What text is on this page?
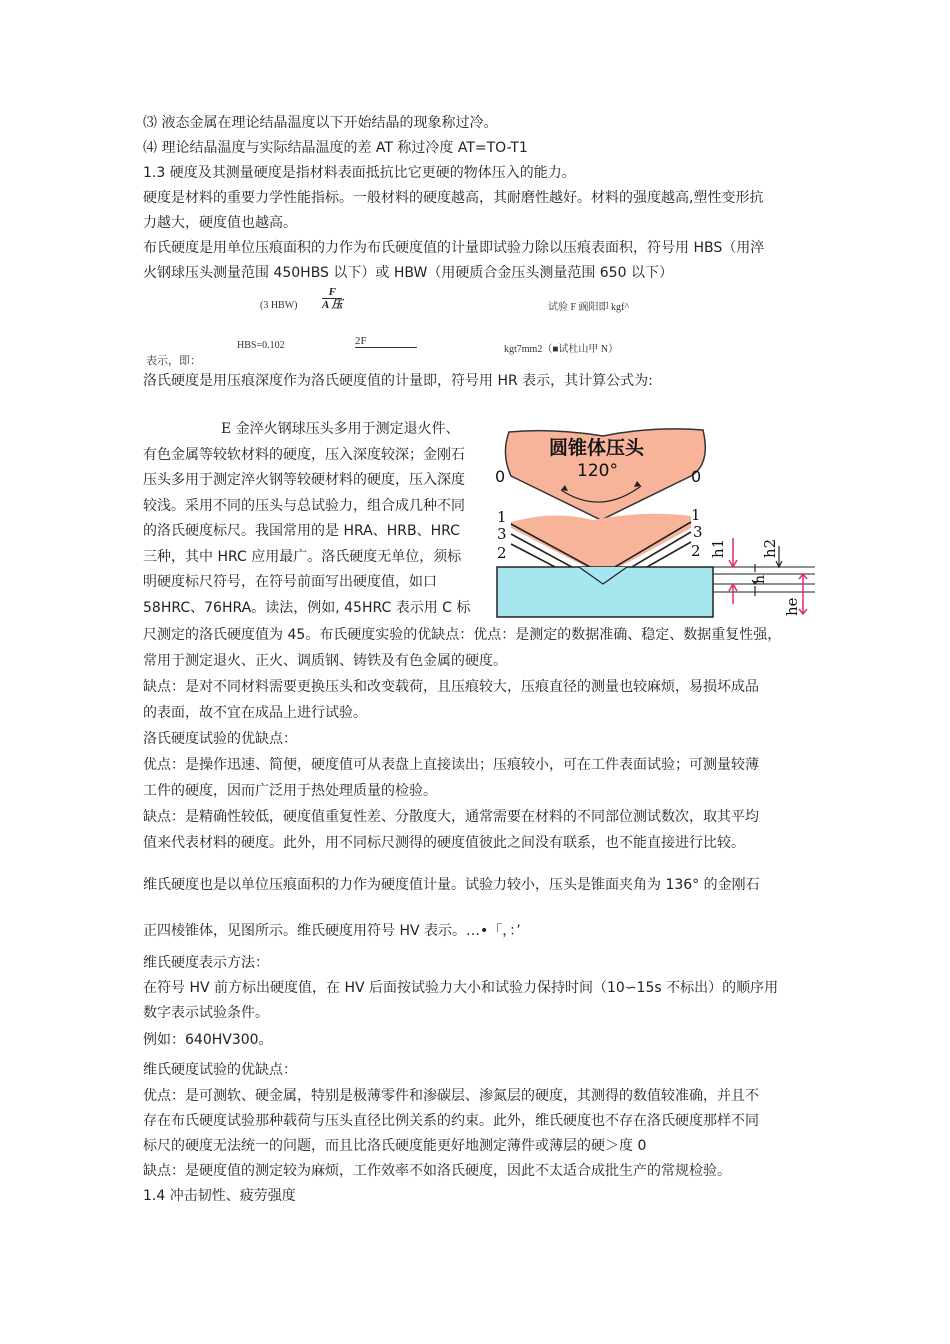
⑶ 液态金属在理论结晶温度以下开始结晶的现象称过冷。
⑷ 理论结晶温度与实际结晶温度的差 AT 称过冷度 AT=TO-T1
1.3 硬度及其测量硬度是指材料表面抵抗比它更硬的物体压入的能力。
硬度是材料的重要力学性能指标。一般材料的硬度越高，其耐磨性越好。材料的强度越高,塑性变形抗
力越大，硬度值也越高。
布氏硬度是用单位压痕面积的力作为布氏硬度值的计量即试验力除以压痕表面积，符号用 HBS（用淬
火钢球压头测量范围 450HBS 以下）或 HBW（用硬质合金压头测量范围 650 以下）
(3 HBW)	试验 F 豌阳即 kgf^
F
A 压
HBS=0.102	2F
kgt7mm2（■试杜山甲 N）
表示，即：
洛氏硬度是用压痕深度作为洛氏硬度值的计量即，符号用 HR 表示，其计算公式为:
E 金淬火钢球压头多用于测定退火件、
有色金属等较软材料的硬度，压入深度较深；金刚石
压头多用于测定淬火钢等较硬材料的硬度，压入深度
较浅。采用不同的压头与总试验力，组合成几种不同
的洛氏硬度标尺。我国常用的是 HRA、HRB、HRC
三种，其中 HRC 应用最广。洛氏硬度无单位，须标
明硬度标尺符号，在符号前面写出硬度值，如口
58HRC、76HRA。读法，例如, 45HRC 表示用 C 标
圆锥体压头
120°
0	0
1
3
2
1
3
2 h1
h
h2
he
尺测定的洛氏硬度值为 45。布氏硬度实验的优缺点：优点：是测定的数据准确、稳定、数据重复性强，
常用于测定退火、正火、调质钢、铸铁及有色金属的硬度。
缺点：是对不同材料需要更换压头和改变载荷，且压痕较大，压痕直径的测量也较麻烦，易损坏成品
的表面，故不宜在成品上进行试验。
洛氏硬度试验的优缺点：
优点：是操作迅速、简便，硬度值可从表盘上直接读出；压痕较小，可在工件表面试验；可测量较薄
工件的硬度，因而广泛用于热处理质量的检验。
缺点：是精确性较低，硬度值重复性差、分散度大，通常需要在材料的不同部位测试数次，取其平均
值来代表材料的硬度。此外，用不同标尺测得的硬度值彼此之间没有联系，也不能直接进行比较。
维氏硬度也是以单位压痕面积的力作为硬度值计量。试验力较小，压头是锥面夹角为 136° 的金刚石
正四棱锥体，见图所示。维氏硬度用符号 HV 表示。…•「，：’
维氏硬度表示方法：
在符号 HV 前方标出硬度值，在 HV 后面按试验力大小和试验力保持时间（10∽15s 不标出）的顺序用
数字表示试验条件。
例如：640HV300。
维氏硬度试验的优缺点：
优点：是可测软、硬金属，特别是极薄零件和渗碳层、渗氮层的硬度，其测得的数值较准确，并且不
存在布氏硬度试验那种载荷与压头直径比例关系的约束。此外，维氏硬度也不存在洛氏硬度那样不同
标尺的硬度无法统一的问题，而且比洛氏硬度能更好地测定薄件或薄层的硬＞度 0
缺点：是硬度值的测定较为麻烦，工作效率不如洛氏硬度，因此不太适合成批生产的常规检验。
1.4 冲击韧性、疲劳强度
